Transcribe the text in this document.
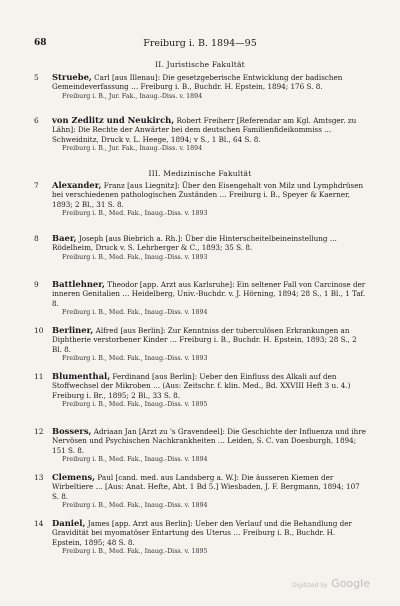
68	Freiburg i. B. 1894—95
II. Juristische Fakultät
5 Struebe, Carl [aus Illenau]: Die gesetzgeberische Entwicklung der badischen Gemeindeverfassung … Freiburg i. B., Buchdr. H. Epstein, 1894; 176 S. 8.
Freiburg i. B., Jur. Fak., Inaug.-Diss. v. 1894
6 von Zedlitz und Neukirch, Robert Freiherr [Referendar am Kgl. Amtsger. zu Lähn]: Die Rechte der Anwärter bei dem deutschen Familienfideikommiss … Schweidnitz, Druck v. L. Heege, 1894; v S., 1 Bl., 64 S. 8.
Freiburg i. B., Jur. Fak., Inaug.-Diss. v. 1894
III. Medizinische Fakultät
7 Alexander, Franz [aus Liegnitz]: Über den Eisengehalt von Milz und Lymphdrüsen bei verschiedenen pathologischen Zuständen … Freiburg i. B., Speyer & Kaerner, 1893; 2 Bl., 31 S. 8.
Freiburg i. B., Med. Fak., Inaug.-Diss. v. 1893
8 Baer, Joseph [aus Biebrich a. Rh.]: Über die Hinterscheitelbeineinstellung … Rödelheim, Druck v. S. Lehrberger & C., 1893; 35 S. 8.
Freiburg i. B., Med. Fak., Inaug.-Diss. v. 1893
9 Battlehner, Theodor [app. Arzt aus Karlsruhe]: Ein seltener Fall von Carcinose der inneren Genitalien … Heidelberg, Univ.-Buchdr. v. J. Hörning, 1894; 28 S., 1 Bl., 1 Taf. 8.
Freiburg i. B., Med. Fak., Inaug.-Diss. v. 1894
10 Berliner, Alfred [aus Berlin]: Zur Kenntniss der tuberculösen Erkrankungen an Diphtherie verstorbener Kinder … Freiburg i. B., Buchdr. H. Epstein, 1893; 28 S., 2 Bl. 8.
Freiburg i. B., Med. Fak., Inaug.-Diss. v. 1893
11 Blumenthal, Ferdinand [aus Berlin]: Ueber den Einfluss des Alkali auf den Stoffwechsel der Mikroben … (Aus: Zeitschr. f. klin. Med., Bd. XXVIII Heft 3 u. 4.) Freiburg i. Br., 1895; 2 Bl., 33 S. 8.
Freiburg i. B., Med. Fak., Inaug.-Diss. v. 1895
12 Bossers, Adriaan Jan [Arzt zu 's Gravendeel]: Die Geschichte der Influenza und ihre Nervösen und Psychischen Nachkrankheiten … Leiden, S. C. van Doesburgh, 1894; 151 S. 8.
Freiburg i. B., Med. Fak., Inaug.-Diss. v. 1894
13 Clemens, Paul [cand. med. aus Landsberg a. W.]: Die äusseren Kiemen der Wirbeltiere … [Aus: Anat. Hefte, Abt. 1 Bd 5.] Wiesbaden, J. F. Bergmann, 1894; 107 S. 8.
Freiburg i. B., Med. Fak., Inaug.-Diss. v. 1894
14 Daniel, James [app. Arzt aus Berlin]: Ueber den Verlauf und die Behandlung der Gravidität bei myomatöser Entartung des Uterus … Freiburg i. B., Buchdr. H. Epstein, 1895; 48 S. 8.
Freiburg i. B., Med. Fak., Inaug.-Diss. v. 1895
Digitized by Google
